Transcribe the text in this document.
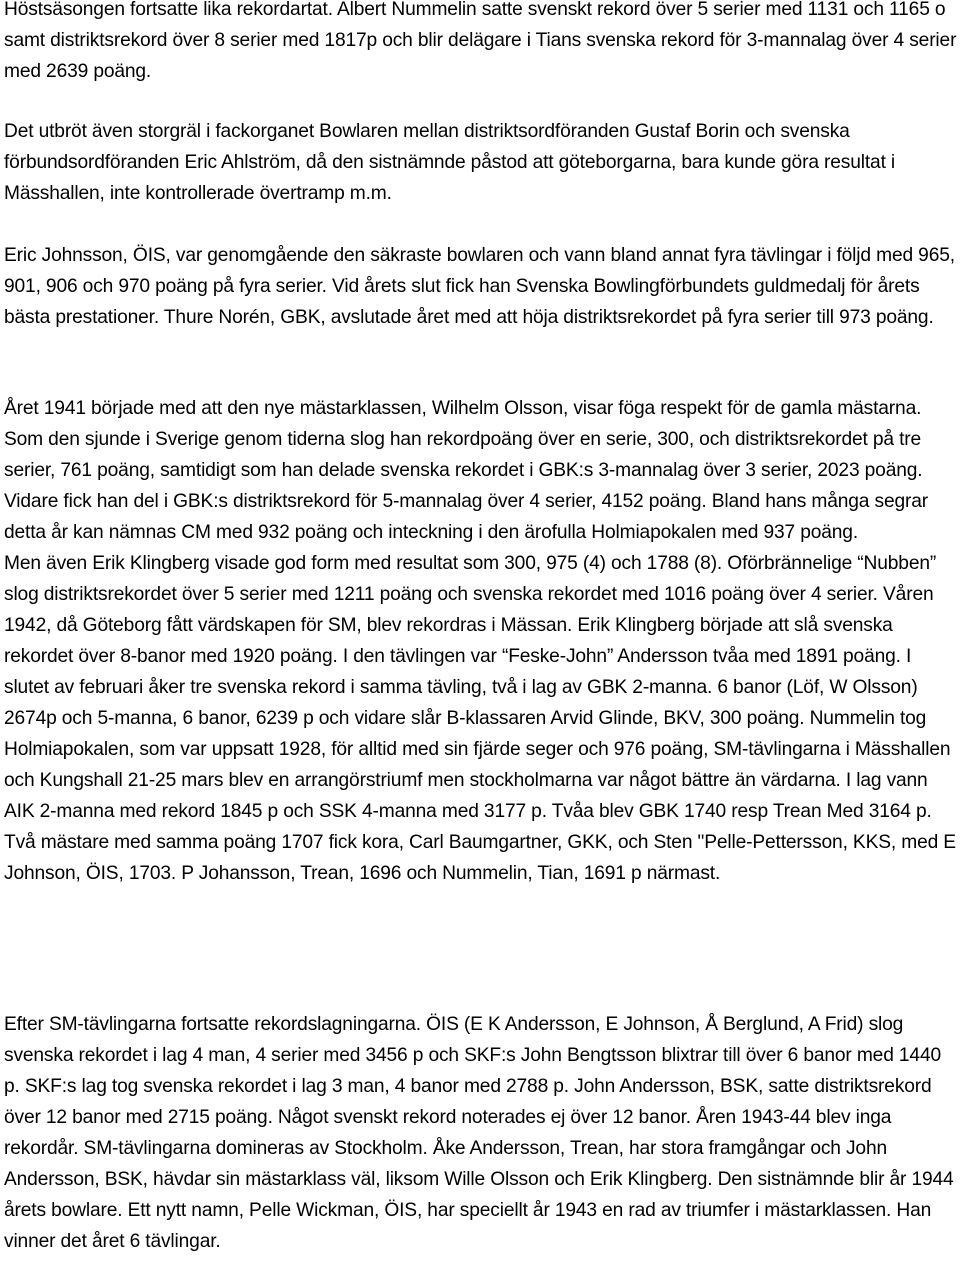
Höstsäsongen fortsatte lika rekordartat. Albert Nummelin satte svenskt rekord över 5 serier med 1131 och 1165 o samt distriktsrekord över 8 serier med 1817p och blir delägare i Tians svenska rekord för 3-mannalag över 4 serier med 2639 poäng.

Det utbröt även storgräl i fackorganet Bowlaren mellan distriktsordföranden Gustaf Borin och svenska förbundsordföranden Eric Ahlström, då den sistnämnde påstod att göteborgarna, bara kunde göra resultat i Mässhallen, inte kontrollerade övertramp m.m.

Eric Johnsson, ÖIS, var genomgående den säkraste bowlaren och vann bland annat fyra tävlingar i följd med 965, 901, 906 och 970 poäng på fyra serier. Vid årets slut fick han Svenska Bowlingförbundets guldmedalj för årets bästa prestationer. Thure Norén, GBK, avslutade året med att höja distriktsrekordet på fyra serier till 973 poäng.

Året 1941 började med att den nye mästarklassen, Wilhelm Olsson, visar föga respekt för de gamla mästarna. Som den sjunde i Sverige genom tiderna slog han rekordpoäng över en serie, 300, och distriktsrekordet på tre serier, 761 poäng, samtidigt som han delade svenska rekordet i GBK:s 3-mannalag över 3 serier, 2023 poäng. Vidare fick han del i GBK:s distriktsrekord för 5-mannalag över 4 serier, 4152 poäng. Bland hans många segrar detta år kan nämnas CM med 932 poäng och inteckning i den ärofulla Holmiapokalen med 937 poäng.
Men även Erik Klingberg visade god form med resultat som 300, 975 (4) och 1788 (8). Oförbrännelige “Nubben” slog distriktsrekordet över 5 serier med 1211 poäng och svenska rekordet med 1016 poäng över 4 serier. Våren 1942, då Göteborg fått värdskapen för SM, blev rekordras i Mässan. Erik Klingberg började att slå svenska rekordet över 8-banor med 1920 poäng. I den tävlingen var “Feske-John” Andersson tvåa med 1891 poäng. I slutet av februari åker tre svenska rekord i samma tävling, två i lag av GBK 2-manna. 6 banor (Löf, W Olsson) 2674p och 5-manna, 6 banor, 6239 p och vidare slår B-klassaren Arvid Glinde, BKV, 300 poäng. Nummelin tog Holmiapokalen, som var uppsatt 1928, för alltid med sin fjärde seger och 976 poäng, SM-tävlingarna i Mässhallen och Kungshall 21-25 mars blev en arrangörstriumf men stockholmarna var något bättre än värdarna. I lag vann AIK 2-manna med rekord 1845 p och SSK 4-manna med 3177 p. Tvåa blev GBK 1740 resp Trean Med 3164 p. Två mästare med samma poäng 1707 fick kora, Carl Baumgartner, GKK, och Sten "Pelle-Pettersson, KKS, med E Johnson, ÖIS, 1703. P Johansson, Trean, 1696 och Nummelin, Tian, 1691 p närmast.

Efter SM-tävlingarna fortsatte rekordslagningarna. ÖIS (E K Andersson, E Johnson, Å Berglund, A Frid) slog svenska rekordet i lag 4 man, 4 serier med 3456 p och SKF:s John Bengtsson blixtrar till över 6 banor med 1440 p. SKF:s lag tog svenska rekordet i lag 3 man, 4 banor med 2788 p. John Andersson, BSK, satte distriktsrekord över 12 banor med 2715 poäng. Något svenskt rekord noterades ej över 12 banor. Åren 1943-44 blev inga rekordår. SM-tävlingarna domineras av Stockholm. Åke Andersson, Trean, har stora framgångar och John Andersson, BSK, hävdar sin mästarklass väl, liksom Wille Olsson och Erik Klingberg. Den sistnämnde blir år 1944 årets bowlare. Ett nytt namn, Pelle Wickman, ÖIS, har speciellt år 1943 en rad av triumfer i mästarklassen. Han vinner det året 6 tävlingar.
